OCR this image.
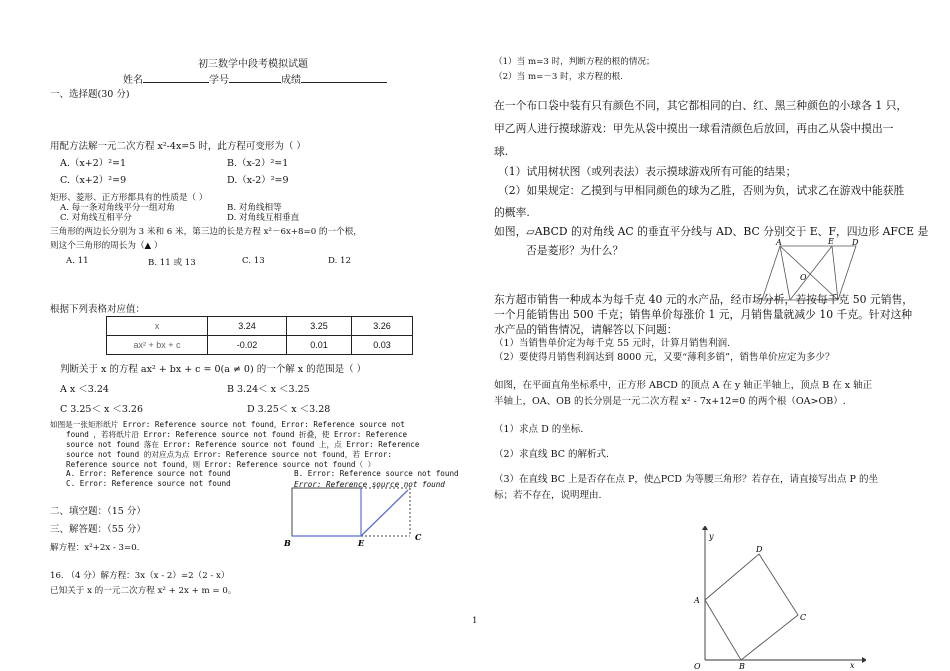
初三数学中段考模拟试题
姓名	学号	成绩
一、选择题(30 分)
用配方法解一元二次方程 x²-4x=5 时，此方程可变形为（ ）
A.（x+2）²=1	B.（x-2）²=1
C.（x+2）²=9	D.（x-2）²=9
矩形、菱形、正方形都具有的性质是（ ）
A. 每一条对角线平分一组对角	B. 对角线相等
C. 对角线互相平分	D. 对角线互相垂直
三角形的两边长分别为 3 米和 6 米，第三边的长是方程 x²－6x+8=0 的一个根，
则这个三角形的周长为（▲ ）
A. 11	B. 11 或 13	C. 13	D. 12
根据下列表格对应值：
x	3.24	3.25	3.26
ax² + bx + c	-0.02	0.01	0.03
判断关于 x 的方程 ax² + bx + c = 0(a ≠ 0) 的一个解 x 的范围是（ ）
A x ＜3.24	B 3.24＜ x ＜3.25
C 3.25＜ x ＜3.26	D 3.25＜ x ＜3.28
如图是一张矩形纸片 Error: Reference source not found，Error: Reference source not
found ，若将纸片沿 Error: Reference source not found 折叠，使 Error: Reference
source not found 落在 Error: Reference source not found 上，点 Error: Reference
source not found 的对应点为点 Error: Reference source not found，若 Error:
Reference source not found，则 Error: Reference source not found（ ）
A. Error: Reference source not found	B. Error: Reference source not found
C. Error: Reference source not found	Error: Reference source not found
B	E
C
二、填空题：（15 分）
三、解答题：（55 分）
解方程：x²+2x - 3=0.
16. （4 分）解方程：3x（x - 2）=2（2 - x）
已知关于 x 的一元二次方程 x² + 2x + m = 0。
1
（1）当 m=3 时，判断方程的根的情况；
（2）当 m=－3 时，求方程的根.
在一个布口袋中装有只有颜色不同，其它都相同的白、红、黑三种颜色的小球各 1 只，
甲乙两人进行摸球游戏：甲先从袋中摸出一球看清颜色后放回，再由乙从袋中摸出一
球.
（1）试用树状图（或列表法）表示摸球游戏所有可能的结果；
（2）如果规定：乙摸到与甲相同颜色的球为乙胜，否则为负，试求乙在游戏中能获胜
的概率.
如图，▱ABCD 的对角线 AC 的垂直平分线与 AD、BC 分别交于 E、F，四边形 AFCE 是
否是菱形？为什么？
A	E D
O
东方超市销售一种成本为每千克 40 元的水产品，经市场分析，若按每千克 50 元销售，
一个月能销售出 500 千克；销售单价每涨价 1 元，月销售量就减少 10 千克。针对这种
水产品的销售情况，请解答以下问题：
（1）当销售单价定为每千克 55 元时，计算月销售利润.
（2）要使得月销售利润达到 8000 元，又要“薄利多销”，销售单价应定为多少？
如图，在平面直角坐标系中，正方形 ABCD 的顶点 A 在 y 轴正半轴上，顶点 B 在 x 轴正
半轴上，OA、OB 的长分别是一元二次方程 x² - 7x+12=0 的两个根（OA>OB）.
（1）求点 D 的坐标.
（2）求直线 BC 的解析式.
（3）在直线 BC 上是否存在点 P，使△PCD 为等腰三角形？若存在，请直接写出点 P 的坐
标；若不存在，说明理由.
y
x
O
A
B
C
D
